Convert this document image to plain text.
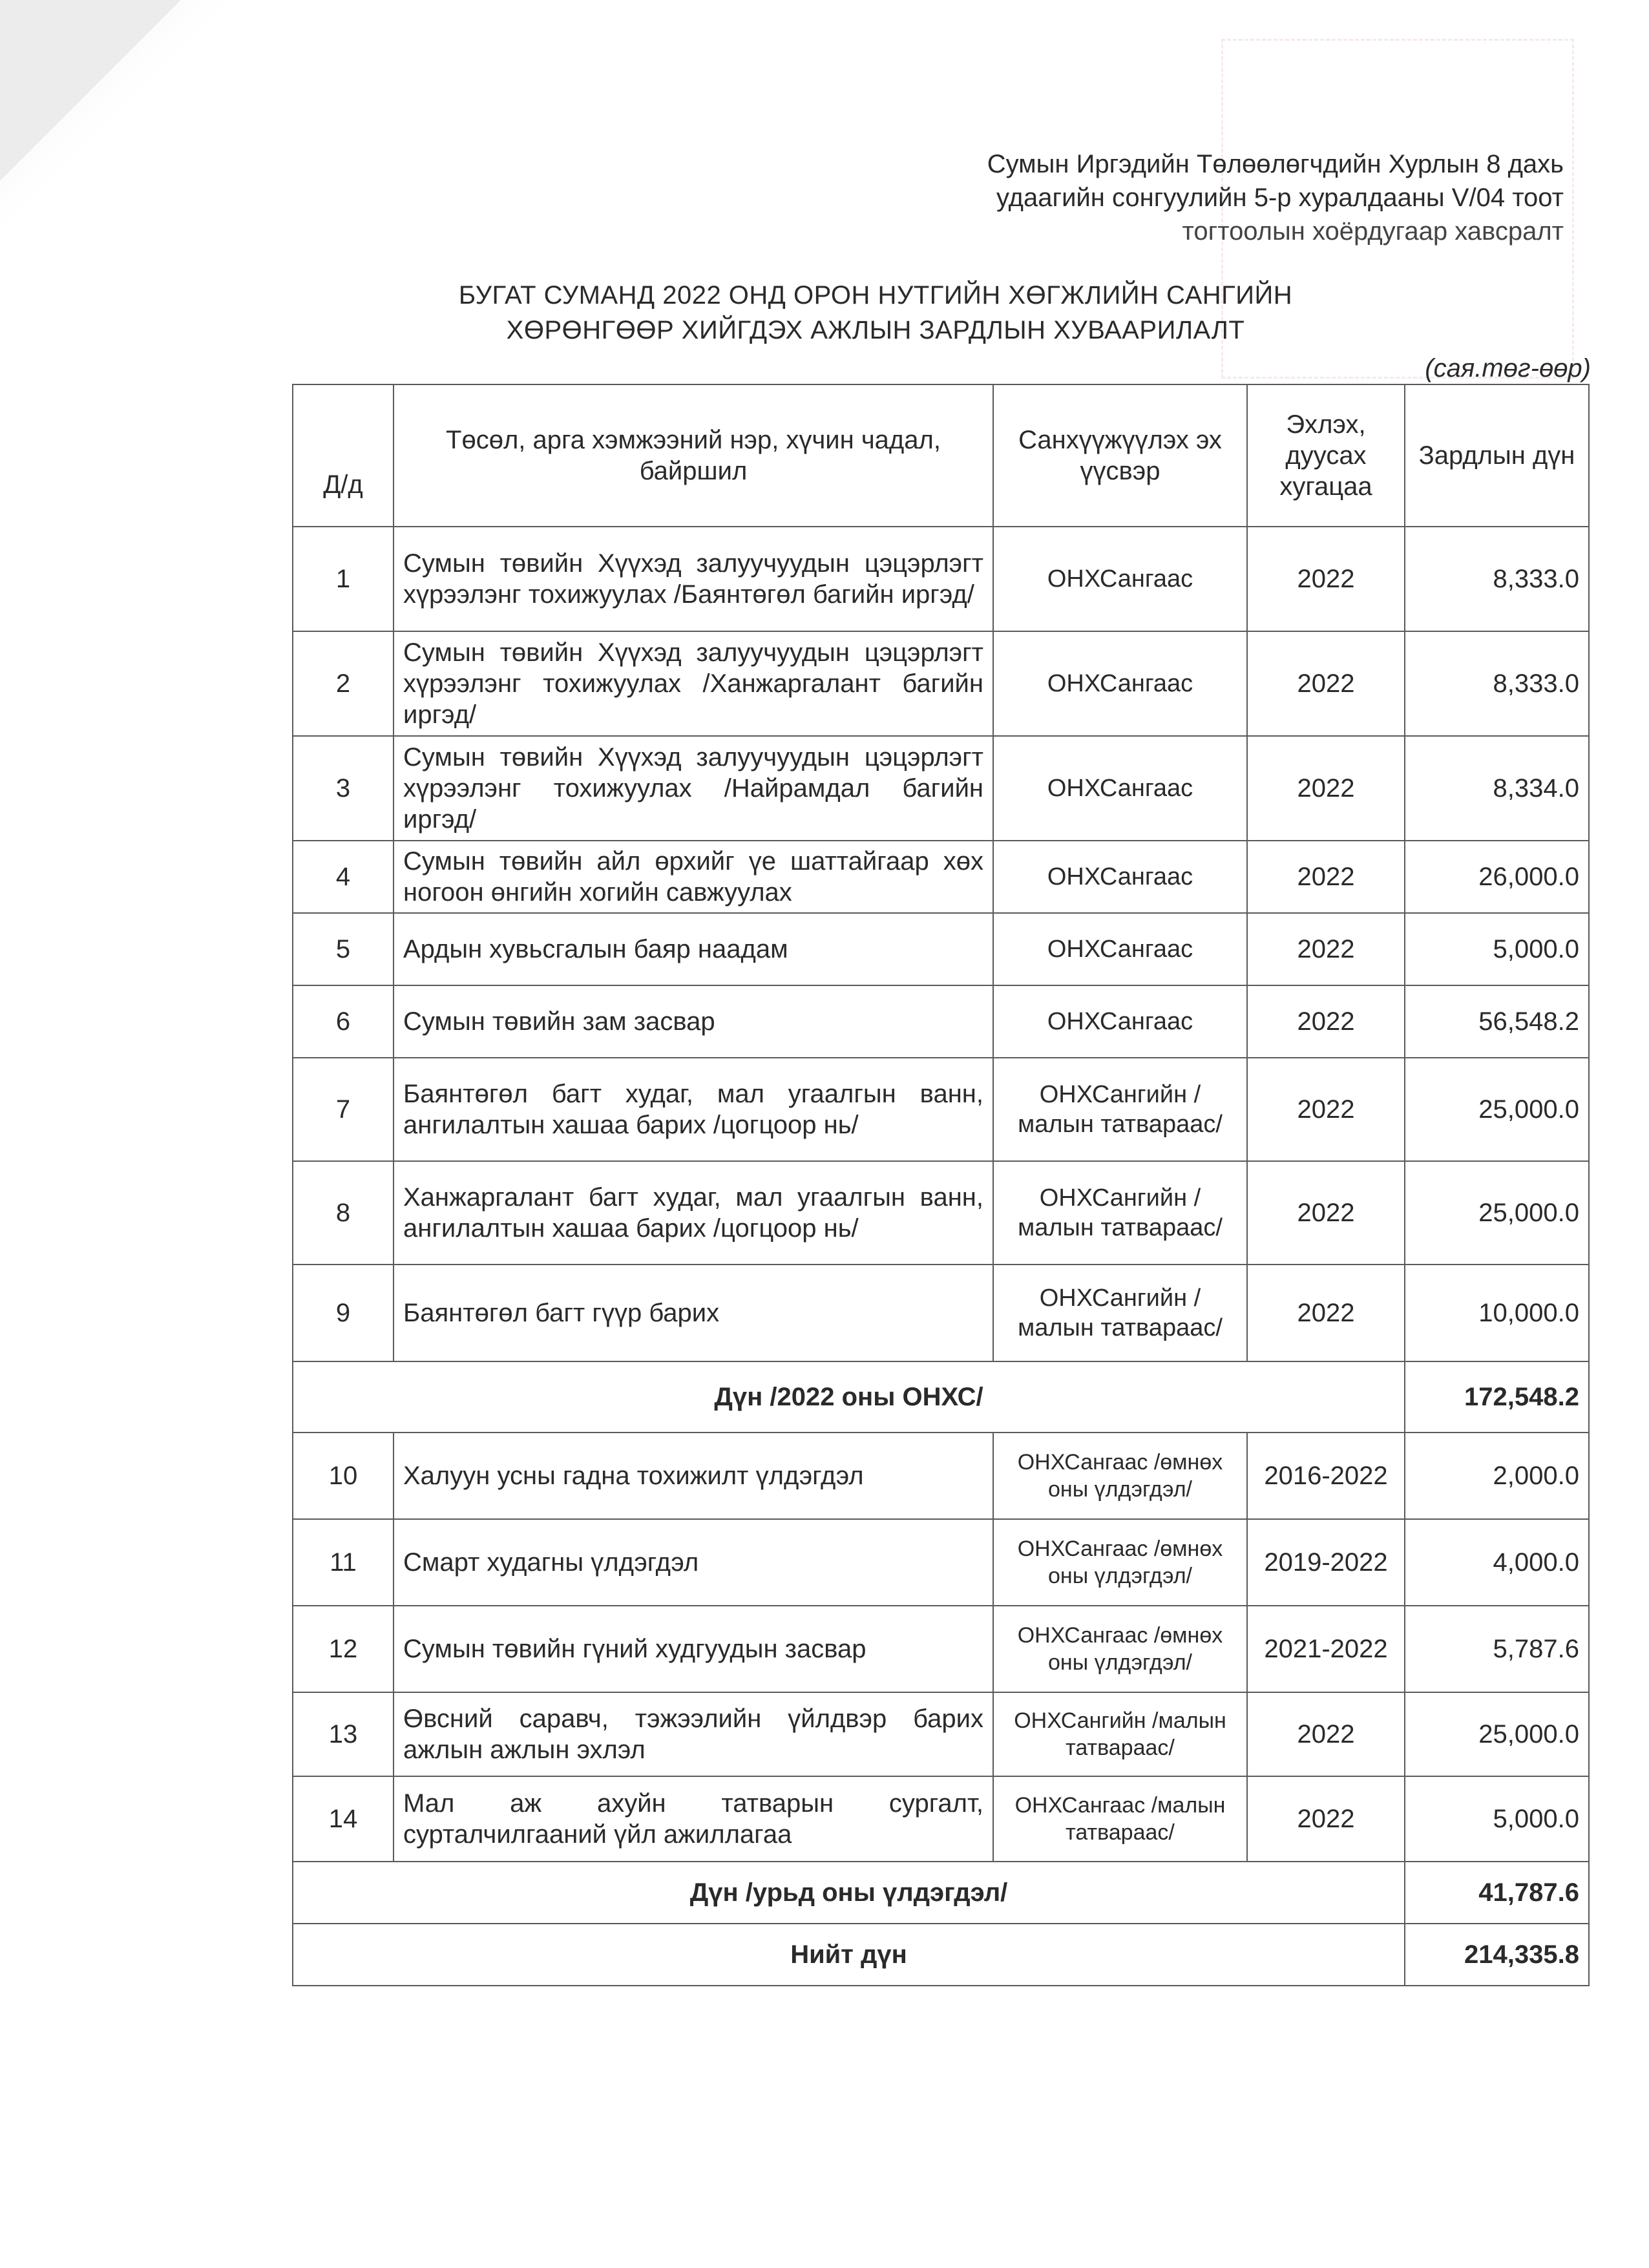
Сумын Иргэдийн Төлөөлөгчдийн Хурлын 8 дахь
удаагийн сонгуулийн 5-р хуралдааны V/04 тоот
тогтоолын хоёрдугаар хавсралт
БУГАТ СУМАНД 2022 ОНД ОРОН НУТГИЙН ХӨГЖЛИЙН САНГИЙН
ХӨРӨНГӨӨР ХИЙГДЭХ АЖЛЫН ЗАРДЛЫН ХУВААРИЛАЛТ
(сая.төг-өөр)
Д/д	Төсөл, арга хэмжээний нэр, хүчин чадал, байршил	Санхүүжүүлэх эх үүсвэр	Эхлэх, дуусах хугацаа	Зардлын дүн
1	Сумын төвийн Хүүхэд залуучуудын цэцэрлэгт хүрээлэнг тохижуулах /Баянтөгөл багийн иргэд/	ОНХСангаас	2022	8,333.0
2	Сумын төвийн Хүүхэд залуучуудын цэцэрлэгт хүрээлэнг тохижуулах /Ханжаргалант багийн иргэд/	ОНХСангаас	2022	8,333.0
3	Сумын төвийн Хүүхэд залуучуудын цэцэрлэгт хүрээлэнг тохижуулах /Найрамдал багийн иргэд/	ОНХСангаас	2022	8,334.0
4	Сумын төвийн айл өрхийг үе шаттайгаар хөх ногоон өнгийн хогийн савжуулах	ОНХСангаас	2022	26,000.0
5	Ардын хувьсгалын баяр наадам	ОНХСангаас	2022	5,000.0
6	Сумын төвийн зам засвар	ОНХСангаас	2022	56,548.2
7	Баянтөгөл багт худаг, мал угаалгын ванн, ангилалтын хашаа барих /цогцоор нь/	ОНХСангийн /малын татвараас/	2022	25,000.0
8	Ханжаргалант багт худаг, мал угаалгын ванн, ангилалтын хашаа барих /цогцоор нь/	ОНХСангийн /малын татвараас/	2022	25,000.0
9	Баянтөгөл багт гүүр барих	ОНХСангийн /малын татвараас/	2022	10,000.0
Дүн /2022 оны ОНХС/				172,548.2
10	Халуун усны гадна тохижилт үлдэгдэл	ОНХСангаас /өмнөх оны үлдэгдэл/	2016-2022	2,000.0
11	Смарт худагны үлдэгдэл	ОНХСангаас /өмнөх оны үлдэгдэл/	2019-2022	4,000.0
12	Сумын төвийн гүний худгуудын засвар	ОНХСангаас /өмнөх оны үлдэгдэл/	2021-2022	5,787.6
13	Өвсний саравч, тэжээлийн үйлдвэр барих ажлын ажлын эхлэл	ОНХСангийн /малын татвараас/	2022	25,000.0
14	Мал аж ахуйн татварын сургалт, сурталчилгааний үйл ажиллагаа	ОНХСангаас /малын татвараас/	2022	5,000.0
Дүн /урьд оны үлдэгдэл/				41,787.6
Нийт дүн				214,335.8
